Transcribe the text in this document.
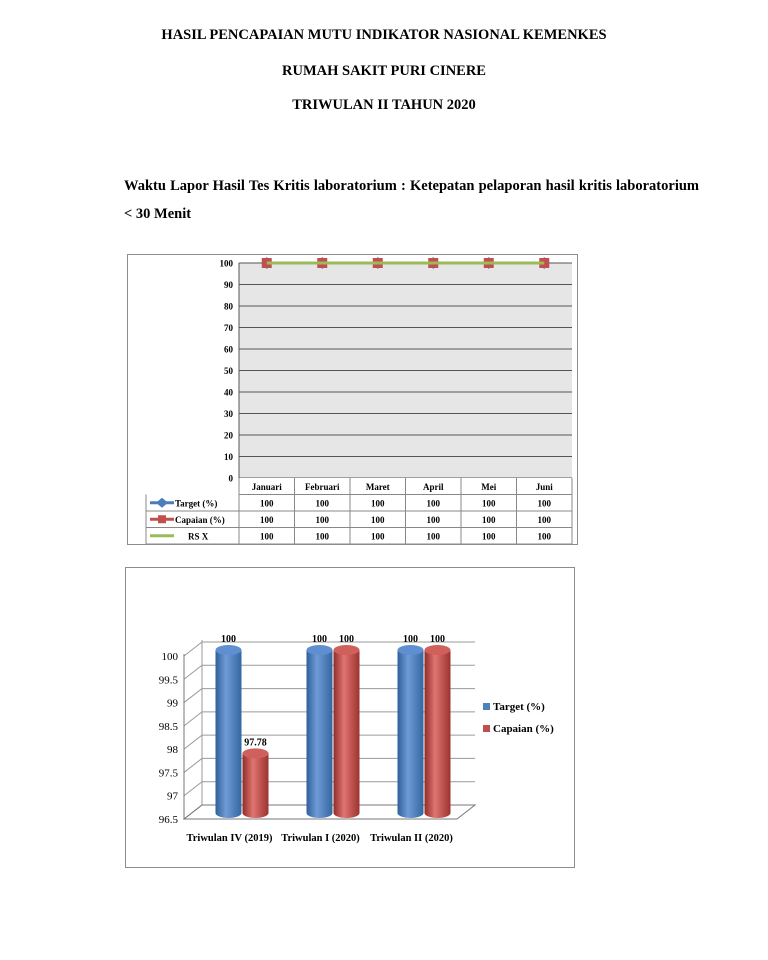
HASIL PENCAPAIAN MUTU INDIKATOR NASIONAL KEMENKES
RUMAH SAKIT PURI CINERE
TRIWULAN II TAHUN 2020
Waktu Lapor Hasil Tes Kritis laboratorium : Ketepatan pelaporan hasil kritis laboratorium < 30 Menit
0
10
20
30
40
50
60
70
80
90
100
Januari	Februari	Maret	April	Mei	Juni
Target (%)	100	100	100	100	100	100
Capaian (%)	100	100	100	100	100	100
RS X	100	100	100	100	100	100
96.5
97
97.5
98
98.5
99
99.5
100
100
97.78
Triwulan IV (2019)
100 100
Triwulan I (2020)
100 100
Triwulan II (2020)
Target (%)
Capaian (%)
